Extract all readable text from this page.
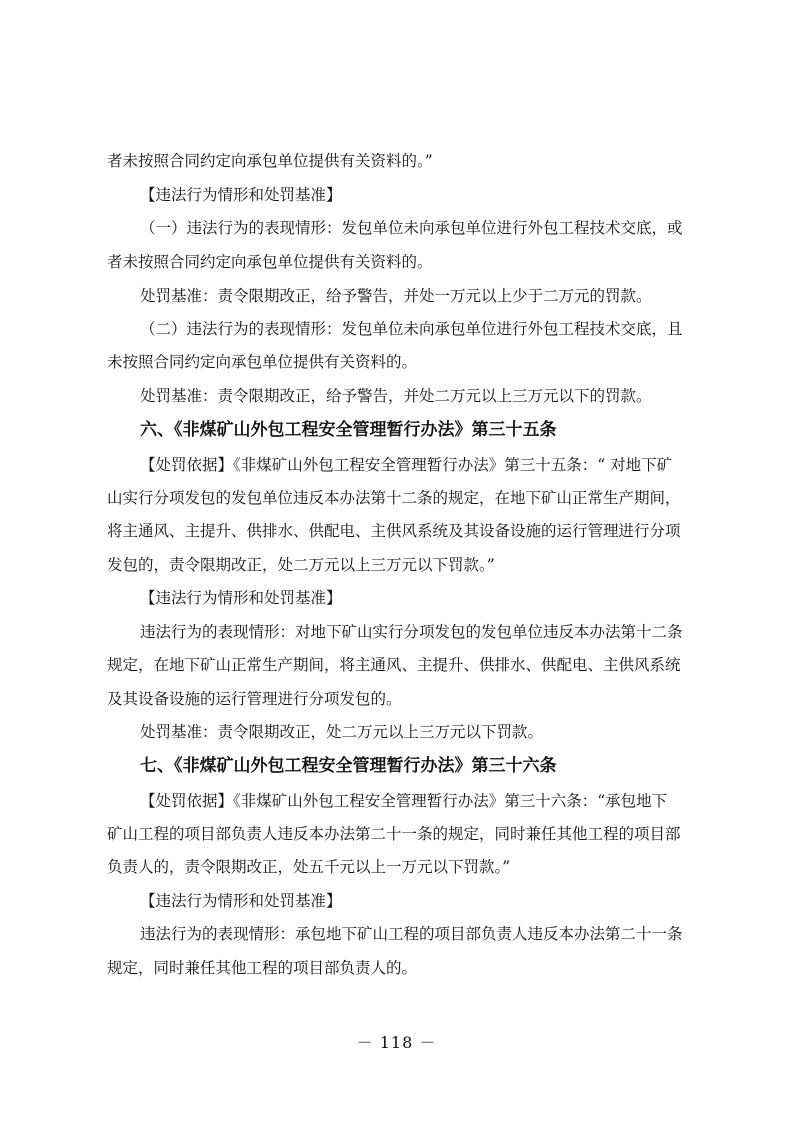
者未按照合同约定向承包单位提供有关资料的。”
【违法行为情形和处罚基准】
（一）违法行为的表现情形：发包单位未向承包单位进行外包工程技术交底，或
者未按照合同约定向承包单位提供有关资料的。
处罚基准：责令限期改正，给予警告，并处一万元以上少于二万元的罚款。
（二）违法行为的表现情形：发包单位未向承包单位进行外包工程技术交底，且
未按照合同约定向承包单位提供有关资料的。
处罚基准：责令限期改正，给予警告，并处二万元以上三万元以下的罚款。
六、《非煤矿山外包工程安全管理暂行办法》第三十五条
【处罚依据】《非煤矿山外包工程安全管理暂行办法》第三十五条：“ 对地下矿
山实行分项发包的发包单位违反本办法第十二条的规定，在地下矿山正常生产期间，
将主通风、主提升、供排水、供配电、主供风系统及其设备设施的运行管理进行分项
发包的，责令限期改正，处二万元以上三万元以下罚款。”
【违法行为情形和处罚基准】
违法行为的表现情形：对地下矿山实行分项发包的发包单位违反本办法第十二条
规定，在地下矿山正常生产期间，将主通风、主提升、供排水、供配电、主供风系统
及其设备设施的运行管理进行分项发包的。
处罚基准：责令限期改正，处二万元以上三万元以下罚款。
七、《非煤矿山外包工程安全管理暂行办法》第三十六条
【处罚依据】《非煤矿山外包工程安全管理暂行办法》第三十六条：“承包地下
矿山工程的项目部负责人违反本办法第二十一条的规定，同时兼任其他工程的项目部
负责人的，责令限期改正，处五千元以上一万元以下罚款。”
【违法行为情形和处罚基准】
违法行为的表现情形：承包地下矿山工程的项目部负责人违反本办法第二十一条
规定，同时兼任其他工程的项目部负责人的。
－ 118 －
